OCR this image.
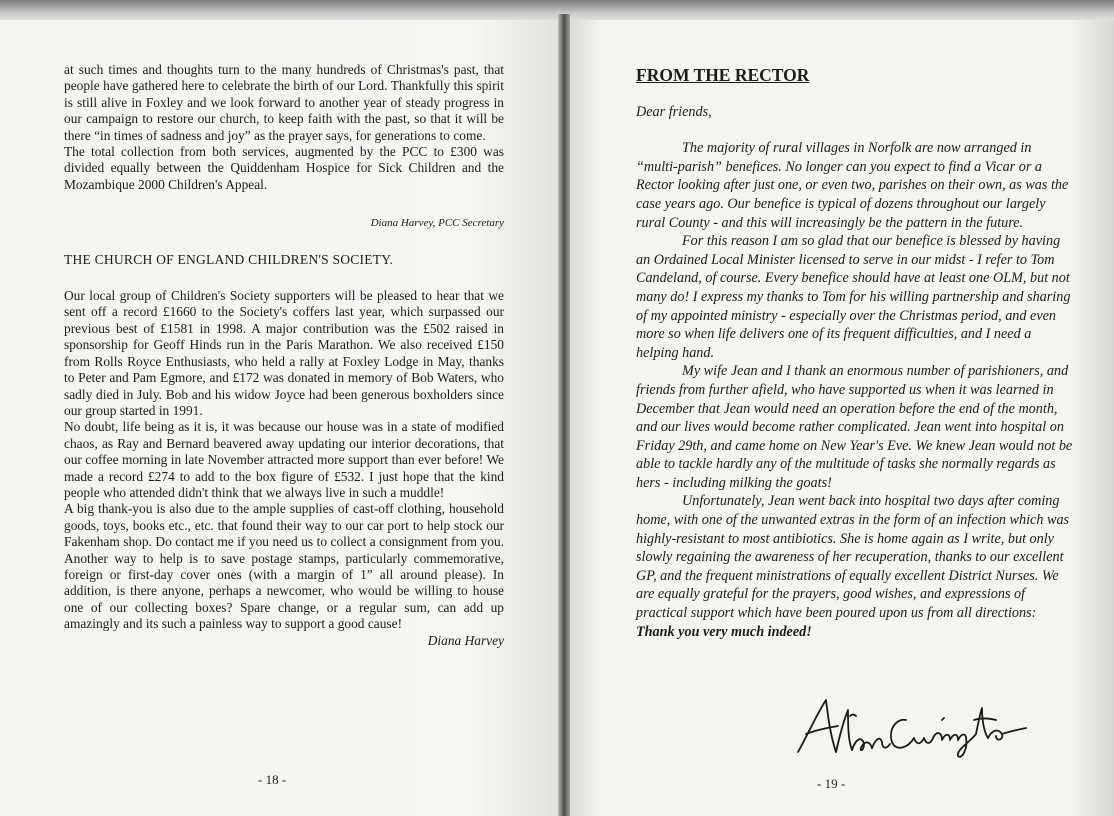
at such times and thoughts turn to the many hundreds of Christmas's past, that people have gathered here to celebrate the birth of our Lord. Thankfully this spirit is still alive in Foxley and we look forward to another year of steady progress in our campaign to restore our church, to keep faith with the past, so that it will be there “in times of sadness and joy” as the prayer says, for generations to come.

The total collection from both services, augmented by the PCC to £300 was divided equally between the Quiddenham Hospice for Sick Children and the Mozambique 2000 Children's Appeal.

Diana Harvey, PCC Secretary

THE CHURCH OF ENGLAND CHILDREN'S SOCIETY.

Our local group of Children's Society supporters will be pleased to hear that we sent off a record £1660 to the Society's coffers last year, which surpassed our previous best of £1581 in 1998. A major contribution was the £502 raised in sponsorship for Geoff Hinds run in the Paris Marathon. We also received £150 from Rolls Royce Enthusiasts, who held a rally at Foxley Lodge in May, thanks to Peter and Pam Egmore, and £172 was donated in memory of Bob Waters, who sadly died in July. Bob and his widow Joyce had been generous boxholders since our group started in 1991.

No doubt, life being as it is, it was because our house was in a state of modified chaos, as Ray and Bernard beavered away updating our interior decorations, that our coffee morning in late November attracted more support than ever before! We made a record £274 to add to the box figure of £532. I just hope that the kind people who attended didn't think that we always live in such a muddle!

A big thank-you is also due to the ample supplies of cast-off clothing, household goods, toys, books etc., etc. that found their way to our car port to help stock our Fakenham shop. Do contact me if you need us to collect a consignment from you. Another way to help is to save postage stamps, particularly commemorative, foreign or first-day cover ones (with a margin of 1” all around please). In addition, is there anyone, perhaps a newcomer, who would be willing to house one of our collecting boxes? Spare change, or a regular sum, can add up amazingly and its such a painless way to support a good cause!

Diana Harvey

- 18 -

FROM THE RECTOR

Dear friends,

The majority of rural villages in Norfolk are now arranged in “multi-parish” benefices. No longer can you expect to find a Vicar or a Rector looking after just one, or even two, parishes on their own, as was the case years ago. Our benefice is typical of dozens throughout our largely rural County - and this will increasingly be the pattern in the future.

For this reason I am so glad that our benefice is blessed by having an Ordained Local Minister licensed to serve in our midst - I refer to Tom Candeland, of course. Every benefice should have at least one OLM, but not many do! I express my thanks to Tom for his willing partnership and sharing of my appointed ministry - especially over the Christmas period, and even more so when life delivers one of its frequent difficulties, and I need a helping hand.

My wife Jean and I thank an enormous number of parishioners, and friends from further afield, who have supported us when it was learned in December that Jean would need an operation before the end of the month, and our lives would become rather complicated. Jean went into hospital on Friday 29th, and came home on New Year's Eve. We knew Jean would not be able to tackle hardly any of the multitude of tasks she normally regards as hers - including milking the goats!

Unfortunately, Jean went back into hospital two days after coming home, with one of the unwanted extras in the form of an infection which was highly-resistant to most antibiotics. She is home again as I write, but only slowly regaining the awareness of her recuperation, thanks to our excellent GP, and the frequent ministrations of equally excellent District Nurses. We are equally grateful for the prayers, good wishes, and expressions of practical support which have been poured upon us from all directions:

Thank you very much indeed!

- 19 -
